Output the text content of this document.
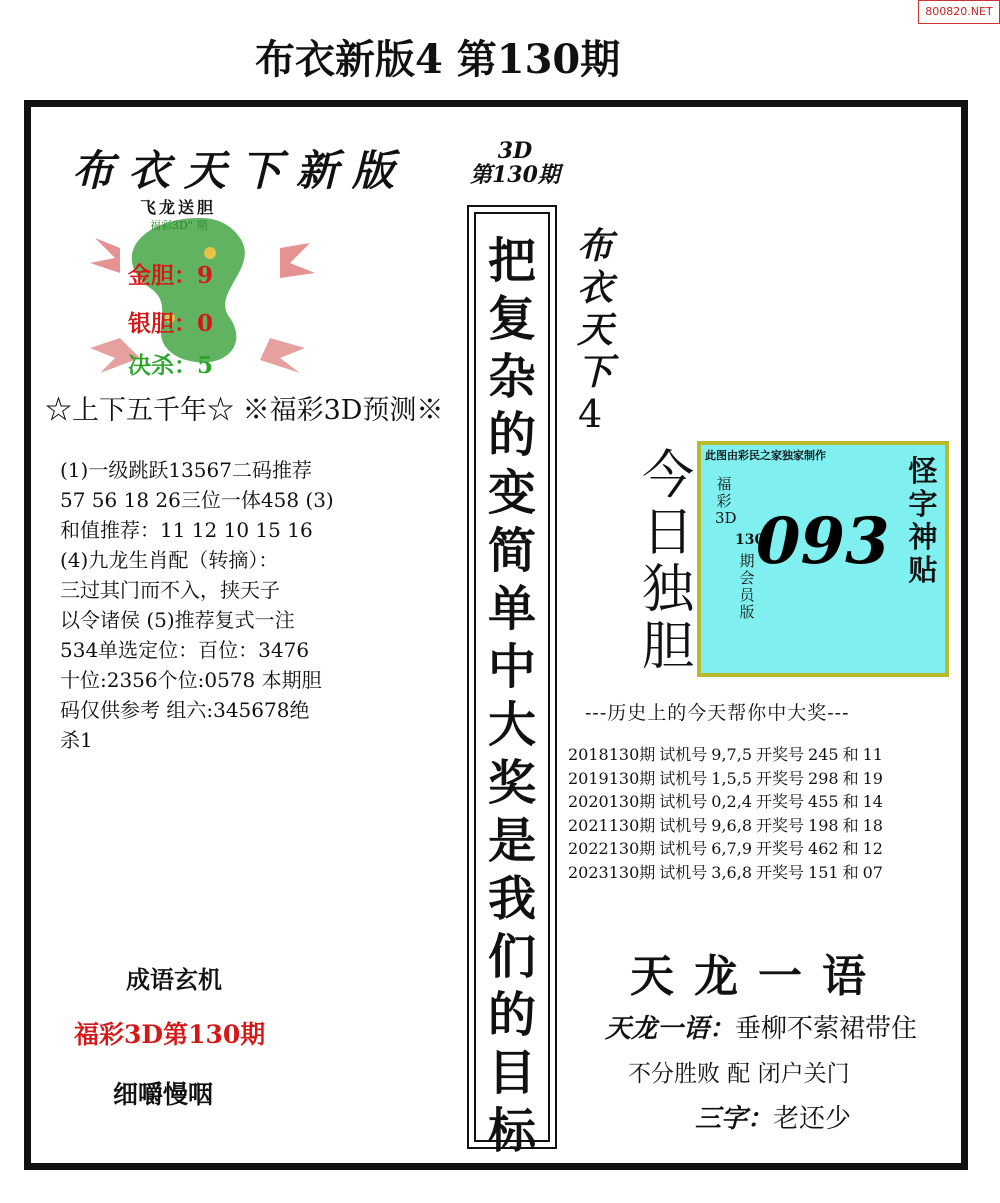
800820.NET
布衣新版4 第130期
布衣天下新版
飞龙送胆
福彩3D" 期
金胆：9
银胆：0
决杀：5
☆上下五千年☆ ※福彩3D预测※
(1)一级跳跃13567二码推荐
57 56 18 26三位一体458 (3)
和值推荐：11 12 10 15 16
(4)九龙生肖配（转摘）：
三过其门而不入，挟天子
以令诸侯 (5)推荐复式一注
534单选定位：百位：3476
十位:2356个位:0578 本期胆
码仅供参考 组六:345678绝
杀1
成语玄机
福彩3D第130期
细嚼慢咽
3D
第130期
把
复
杂
的
变
简
单
中
大
奖
是
我
们
的
目
标
布
衣
天
下
4
今
日
独
胆
此图由彩民之家独家制作
福
彩
3D
130
期
会
员
版
093
怪
字
神
贴
---历史上的今天帮你中大奖---
2018130期 试机号 9,7,5 开奖号 245 和 11
2019130期 试机号 1,5,5 开奖号 298 和 19
2020130期 试机号 0,2,4 开奖号 455 和 14
2021130期 试机号 9,6,8 开奖号 198 和 18
2022130期 试机号 6,7,9 开奖号 462 和 12
2023130期 试机号 3,6,8 开奖号 151 和 07
天龙一语
天龙一语：垂柳不萦裙带住
不分胜败 配 闭户关门
三字：老还少
